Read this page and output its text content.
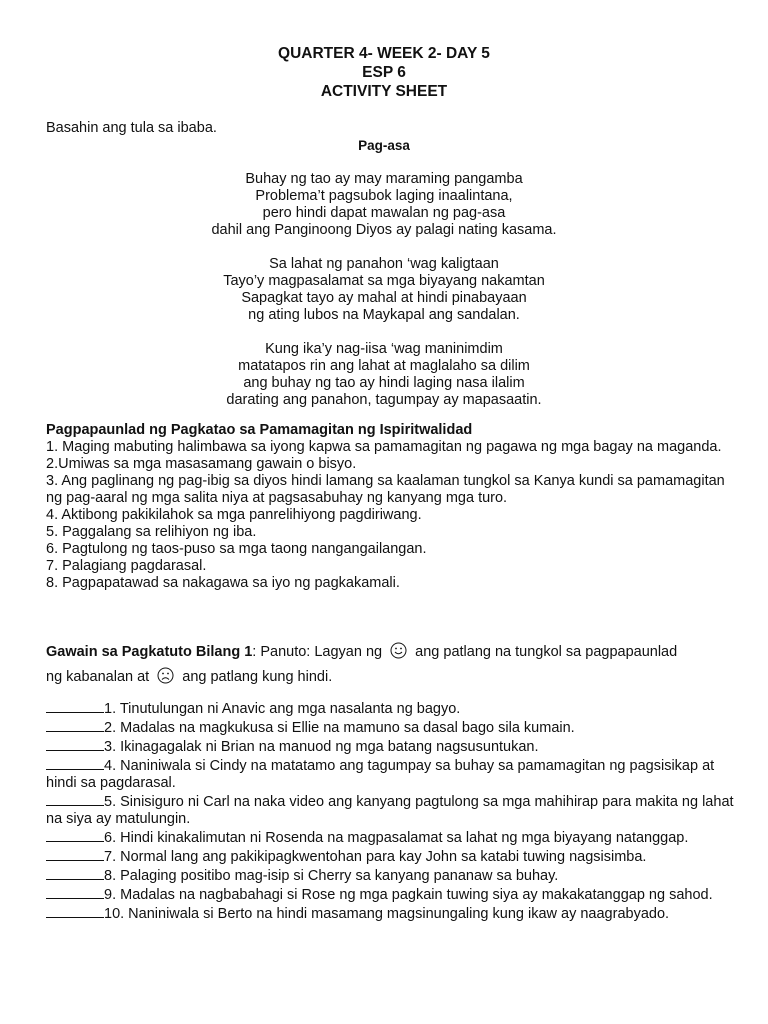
QUARTER 4- WEEK 2- DAY 5
ESP 6
ACTIVITY SHEET
Basahin ang tula sa ibaba.
Pag-asa
Buhay ng tao ay may maraming pangamba
Problema’t pagsubok laging inaalintana,
pero hindi dapat mawalan ng pag-asa
dahil ang Panginoong Diyos ay palagi nating kasama.
Sa lahat ng panahon ‘wag kaligtaan
Tayo’y magpasalamat sa mga biyayang nakamtan
Sapagkat tayo ay mahal at hindi pinabayaan
ng ating lubos na Maykapal ang sandalan.
Kung ika’y nag-iisa ‘wag maninimdim
matatapos rin ang lahat at maglalaho sa dilim
ang buhay ng tao ay hindi laging nasa ilalim
darating ang panahon, tagumpay ay mapasaatin.
Pagpapaunlad ng Pagkatao sa Pamamagitan ng Ispiritwalidad
1. Maging mabuting halimbawa sa iyong kapwa sa pamamagitan ng pagawa ng mga bagay na maganda.
2.Umiwas sa mga masasamang gawain o bisyo.
3. Ang paglinang ng pag-ibig sa diyos hindi lamang sa kaalaman tungkol sa Kanya kundi sa pamamagitan ng pag-aaral ng mga salita niya at pagsasabuhay ng kanyang mga turo.
4. Aktibong pakikilahok sa mga panrelihiyong pagdiriwang.
5. Paggalang sa relihiyon ng iba.
6. Pagtulong ng taos-puso sa mga taong nangangailangan.
7. Palagiang pagdarasal.
8. Pagpapatawad sa nakagawa sa iyo ng pagkakamali.
Gawain sa Pagkatuto Bilang 1: Panuto: Lagyan ng ang patlang na tungkol sa pagpapaunlad
ng kabanalan at ang patlang kung hindi.
1. Tinutulungan ni Anavic ang mga nasalanta ng bagyo.
2. Madalas na magkukusa si Ellie na mamuno sa dasal bago sila kumain.
3. Ikinagagalak ni Brian na manuod ng mga batang nagsusuntukan.
4. Naniniwala si Cindy na matatamo ang tagumpay sa buhay sa pamamagitan ng pagsisikap at hindi sa pagdarasal.
5. Sinisiguro ni Carl na naka video ang kanyang pagtulong sa mga mahihirap para makita ng lahat na siya ay matulungin.
6. Hindi kinakalimutan ni Rosenda na magpasalamat sa lahat ng mga biyayang natanggap.
7. Normal lang ang pakikipagkwentohan para kay John sa katabi tuwing nagsisimba.
8. Palaging positibo mag-isip si Cherry sa kanyang pananaw sa buhay.
9. Madalas na nagbabahagi si Rose ng mga pagkain tuwing siya ay makakatanggap ng sahod.
10. Naniniwala si Berto na hindi masamang magsinungaling kung ikaw ay naagrabyado.
